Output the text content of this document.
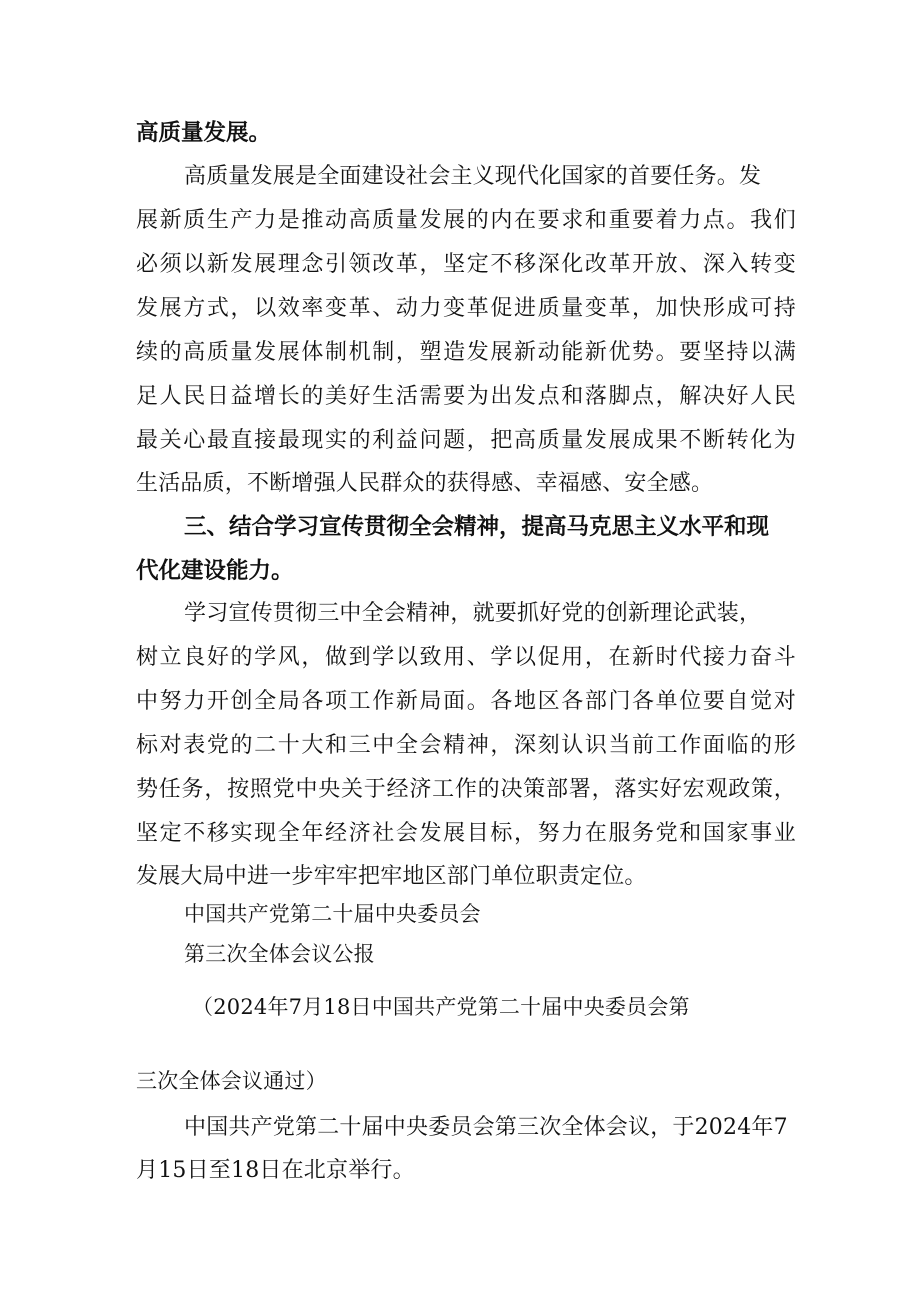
高质量发展。
高质量发展是全面建设社会主义现代化国家的首要任务。发
展新质生产力是推动高质量发展的内在要求和重要着力点。我们
必须以新发展理念引领改革，坚定不移深化改革开放、深入转变
发展方式，以效率变革、动力变革促进质量变革，加快形成可持
续的高质量发展体制机制，塑造发展新动能新优势。要坚持以满
足人民日益增长的美好生活需要为出发点和落脚点，解决好人民
最关心最直接最现实的利益问题，把高质量发展成果不断转化为
生活品质，不断增强人民群众的获得感、幸福感、安全感。
三、结合学习宣传贯彻全会精神，提高马克思主义水平和现
代化建设能力。
学习宣传贯彻三中全会精神，就要抓好党的创新理论武装，
树立良好的学风，做到学以致用、学以促用，在新时代接力奋斗
中努力开创全局各项工作新局面。各地区各部门各单位要自觉对
标对表党的二十大和三中全会精神，深刻认识当前工作面临的形
势任务，按照党中央关于经济工作的决策部署，落实好宏观政策，
坚定不移实现全年经济社会发展目标，努力在服务党和国家事业
发展大局中进一步牢牢把牢地区部门单位职责定位。
中国共产党第二十届中央委员会
第三次全体会议公报
（2024年7月18日中国共产党第二十届中央委员会第
三次全体会议通过）
中国共产党第二十届中央委员会第三次全体会议，于2024年7
月15日至18日在北京举行。
